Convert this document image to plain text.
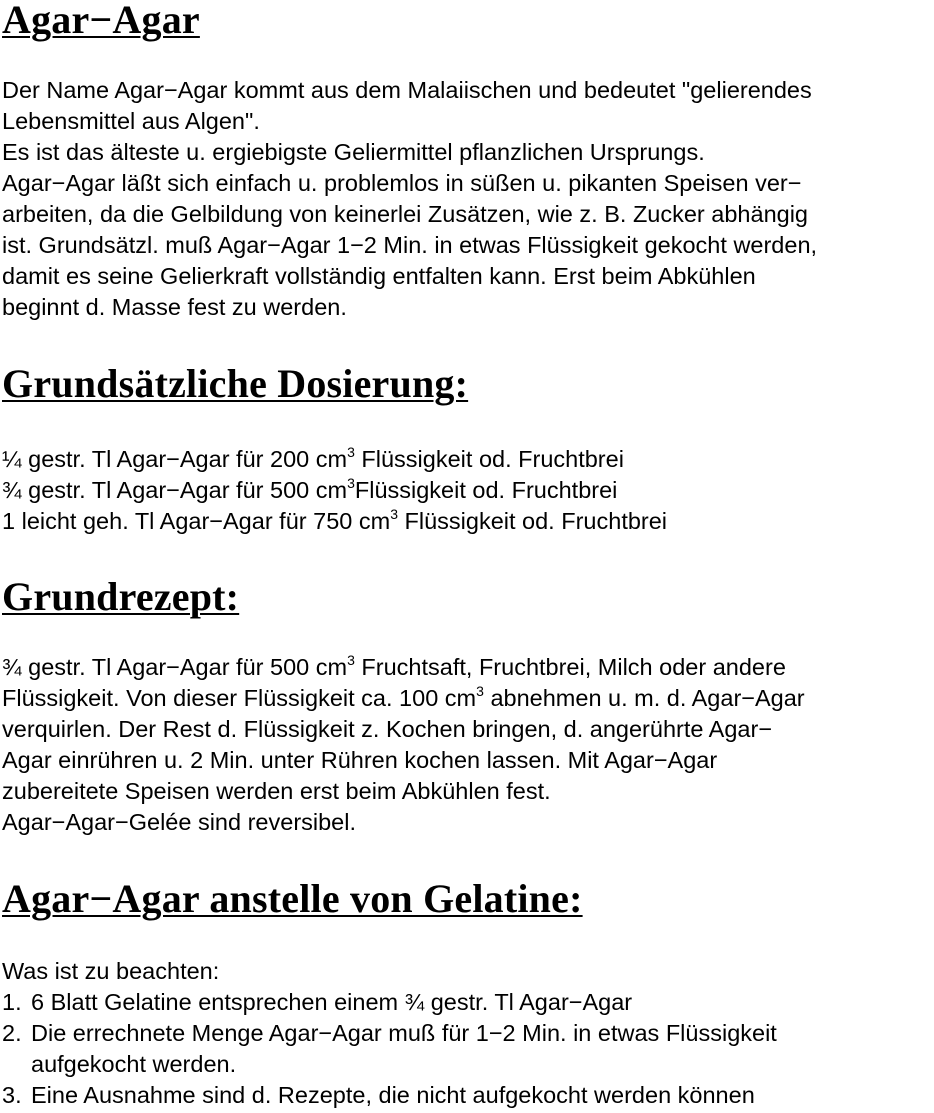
Agar−Agar
Der Name Agar−Agar kommt aus dem Malaiischen und bedeutet "gelierendes
Lebensmittel aus Algen".
Es ist das älteste u. ergiebigste Geliermittel pflanzlichen Ursprungs.
Agar−Agar läßt sich einfach u. problemlos in süßen u. pikanten Speisen ver−
arbeiten, da die Gelbildung von keinerlei Zusätzen, wie z. B. Zucker abhängig
ist. Grundsätzl. muß Agar−Agar 1−2 Min. in etwas Flüssigkeit gekocht werden,
damit es seine Gelierkraft vollständig entfalten kann. Erst beim Abkühlen
beginnt d. Masse fest zu werden.
Grundsätzliche Dosierung:
¼ gestr. Tl Agar−Agar für 200 $cm^3$ Flüssigkeit od. Fruchtbrei
¾ gestr. Tl Agar−Agar für 500 $cm^3Flüssigkeit$ od. Fruchtbrei
1 leicht geh. Tl Agar−Agar für 750 $cm^3$ Flüssigkeit od. Fruchtbrei
Grundrezept:
¾ gestr. Tl Agar−Agar für 500 $cm^3$ Fruchtsaft, Fruchtbrei, Milch oder andere
Flüssigkeit. Von dieser Flüssigkeit ca. 100 $cm^3$ abnehmen u. m. d. Agar−Agar
verquirlen. Der Rest d. Flüssigkeit z. Kochen bringen, d. angerührte Agar−
Agar einrühren u. 2 Min. unter Rühren kochen lassen. Mit Agar−Agar
zubereitete Speisen werden erst beim Abkühlen fest.
Agar−Agar−Gelée sind reversibel.
Agar−Agar anstelle von Gelatine:
Was ist zu beachten:
1. 6 Blatt Gelatine entsprechen einem ¾ gestr. Tl Agar−Agar
2. Die errechnete Menge Agar−Agar muß für 1−2 Min. in etwas Flüssigkeit
aufgekocht werden.
3. Eine Ausnahme sind d. Rezepte, die nicht aufgekocht werden können
